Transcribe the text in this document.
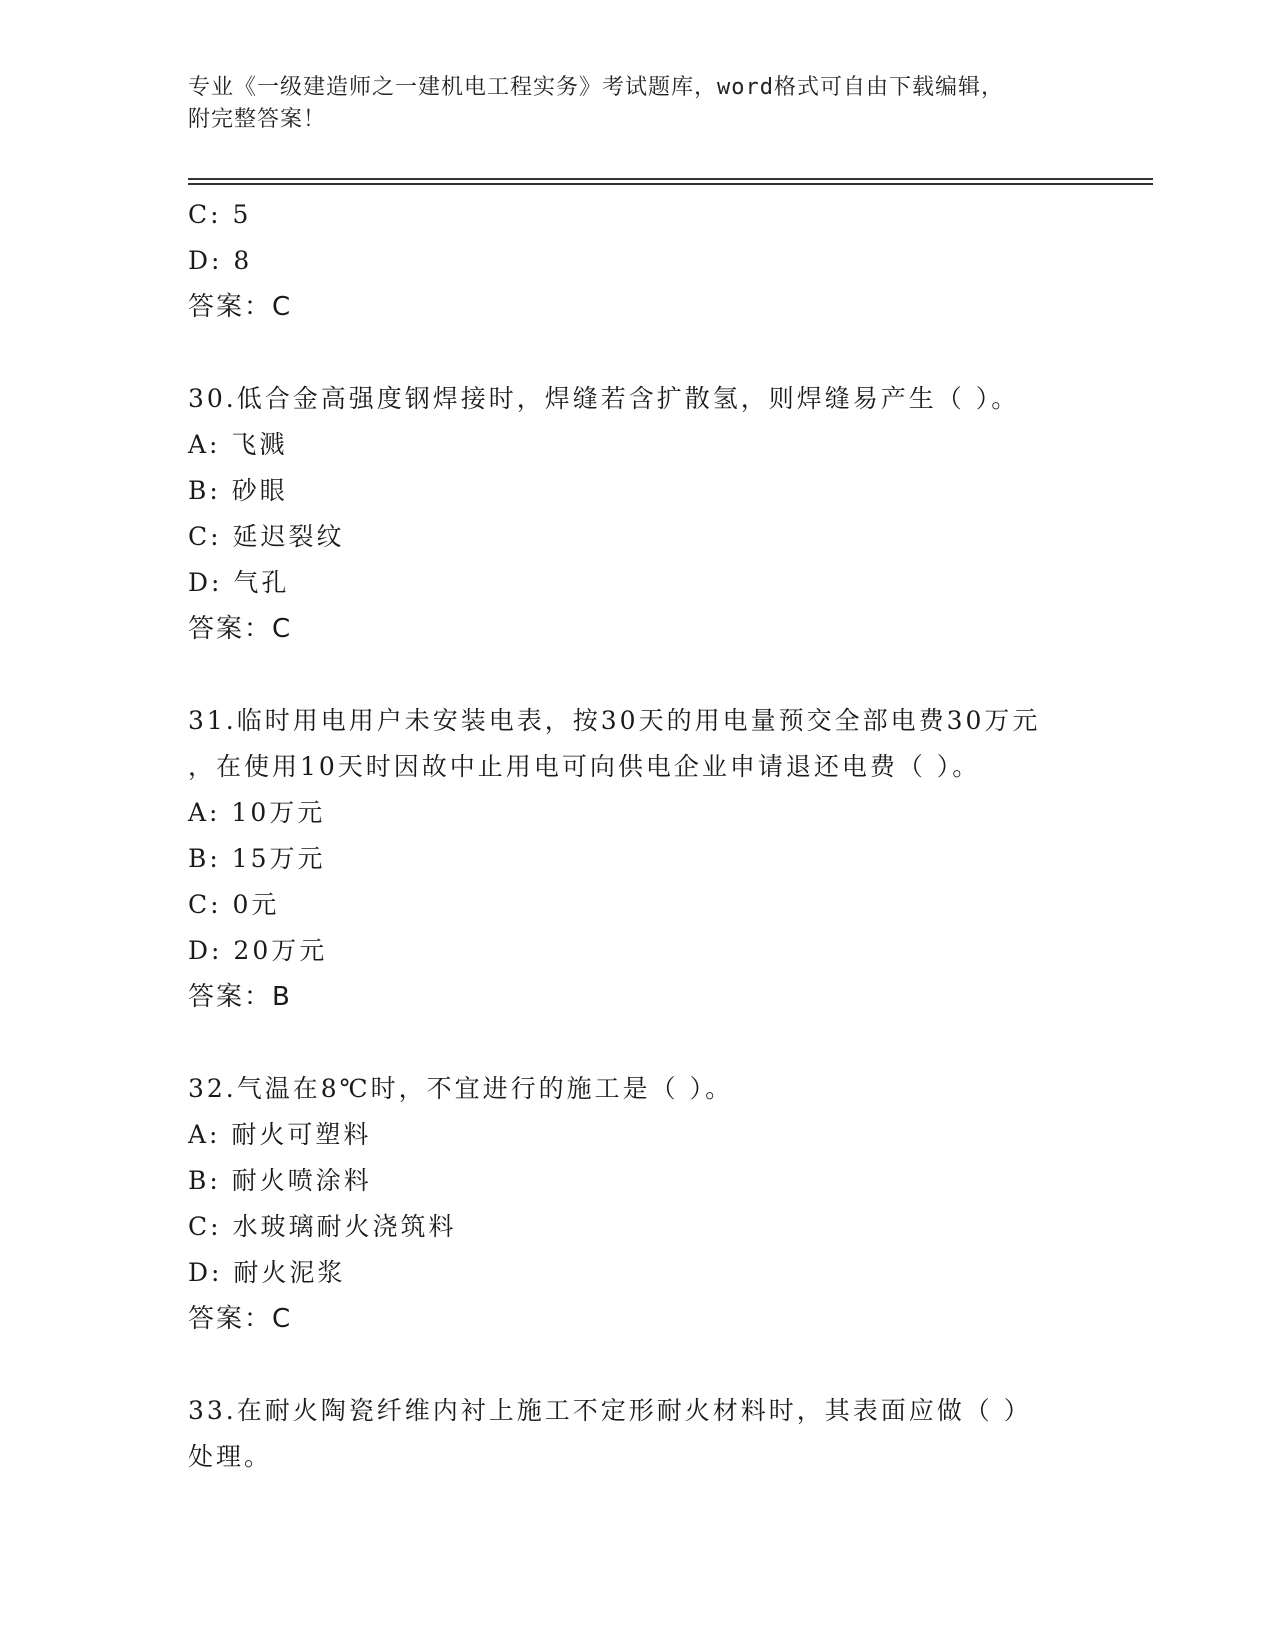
专业《一级建造师之一建机电工程实务》考试题库，word格式可自由下载编辑，
附完整答案！
C: 5
D: 8
答案：C
30.低合金高强度钢焊接时，焊缝若含扩散氢，则焊缝易产生（ ）。
A: 飞溅
B: 砂眼
C: 延迟裂纹
D: 气孔
答案：C
31.临时用电用户未安装电表，按30天的用电量预交全部电费30万元
，在使用10天时因故中止用电可向供电企业申请退还电费（ ）。
A: 10万元
B: 15万元
C: 0元
D: 20万元
答案：B
32.气温在8℃时，不宜进行的施工是（ ）。
A: 耐火可塑料
B: 耐火喷涂料
C: 水玻璃耐火浇筑料
D: 耐火泥浆
答案：C
33.在耐火陶瓷纤维内衬上施工不定形耐火材料时，其表面应做（ ）
处理。
